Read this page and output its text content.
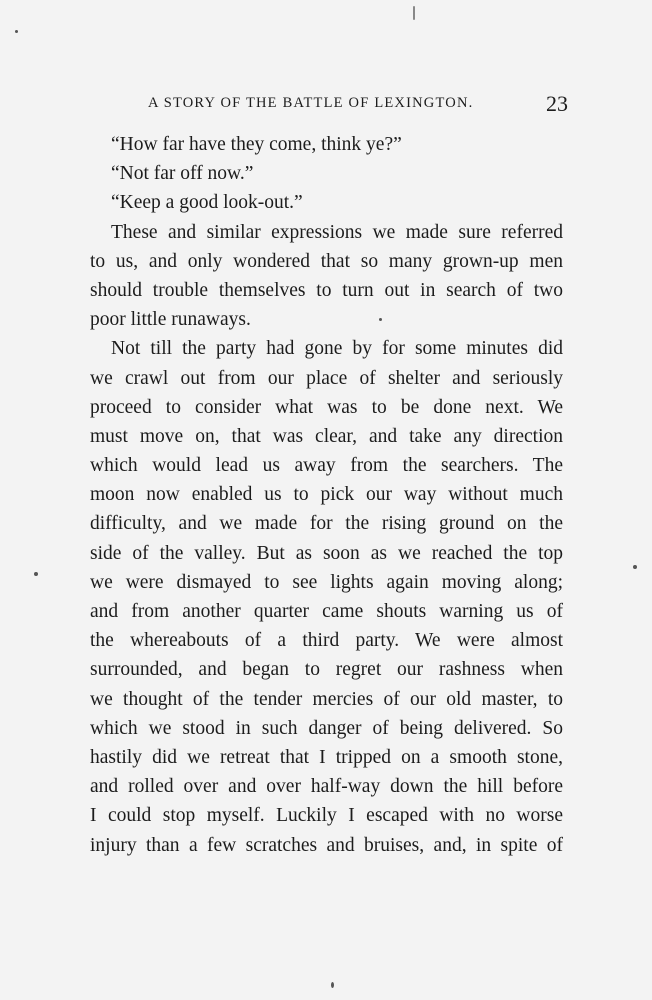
A STORY OF THE BATTLE OF LEXINGTON.	23
“How far have they come, think ye?”
“Not far off now.”
“Keep a good look-out.”
These and similar expressions we made sure referred
to us, and only wondered that so many grown-up men
should trouble themselves to turn out in search of two
poor little runaways.
Not till the party had gone by for some minutes did
we crawl out from our place of shelter and seriously
proceed to consider what was to be done next. We
must move on, that was clear, and take any direction
which would lead us away from the searchers. The
moon now enabled us to pick our way without much
difficulty, and we made for the rising ground on the
side of the valley. But as soon as we reached the top
we were dismayed to see lights again moving along;
and from another quarter came shouts warning us of
the whereabouts of a third party. We were almost
surrounded, and began to regret our rashness when
we thought of the tender mercies of our old master, to
which we stood in such danger of being delivered. So
hastily did we retreat that I tripped on a smooth stone,
and rolled over and over half-way down the hill before
I could stop myself. Luckily I escaped with no worse
injury than a few scratches and bruises, and, in spite of
